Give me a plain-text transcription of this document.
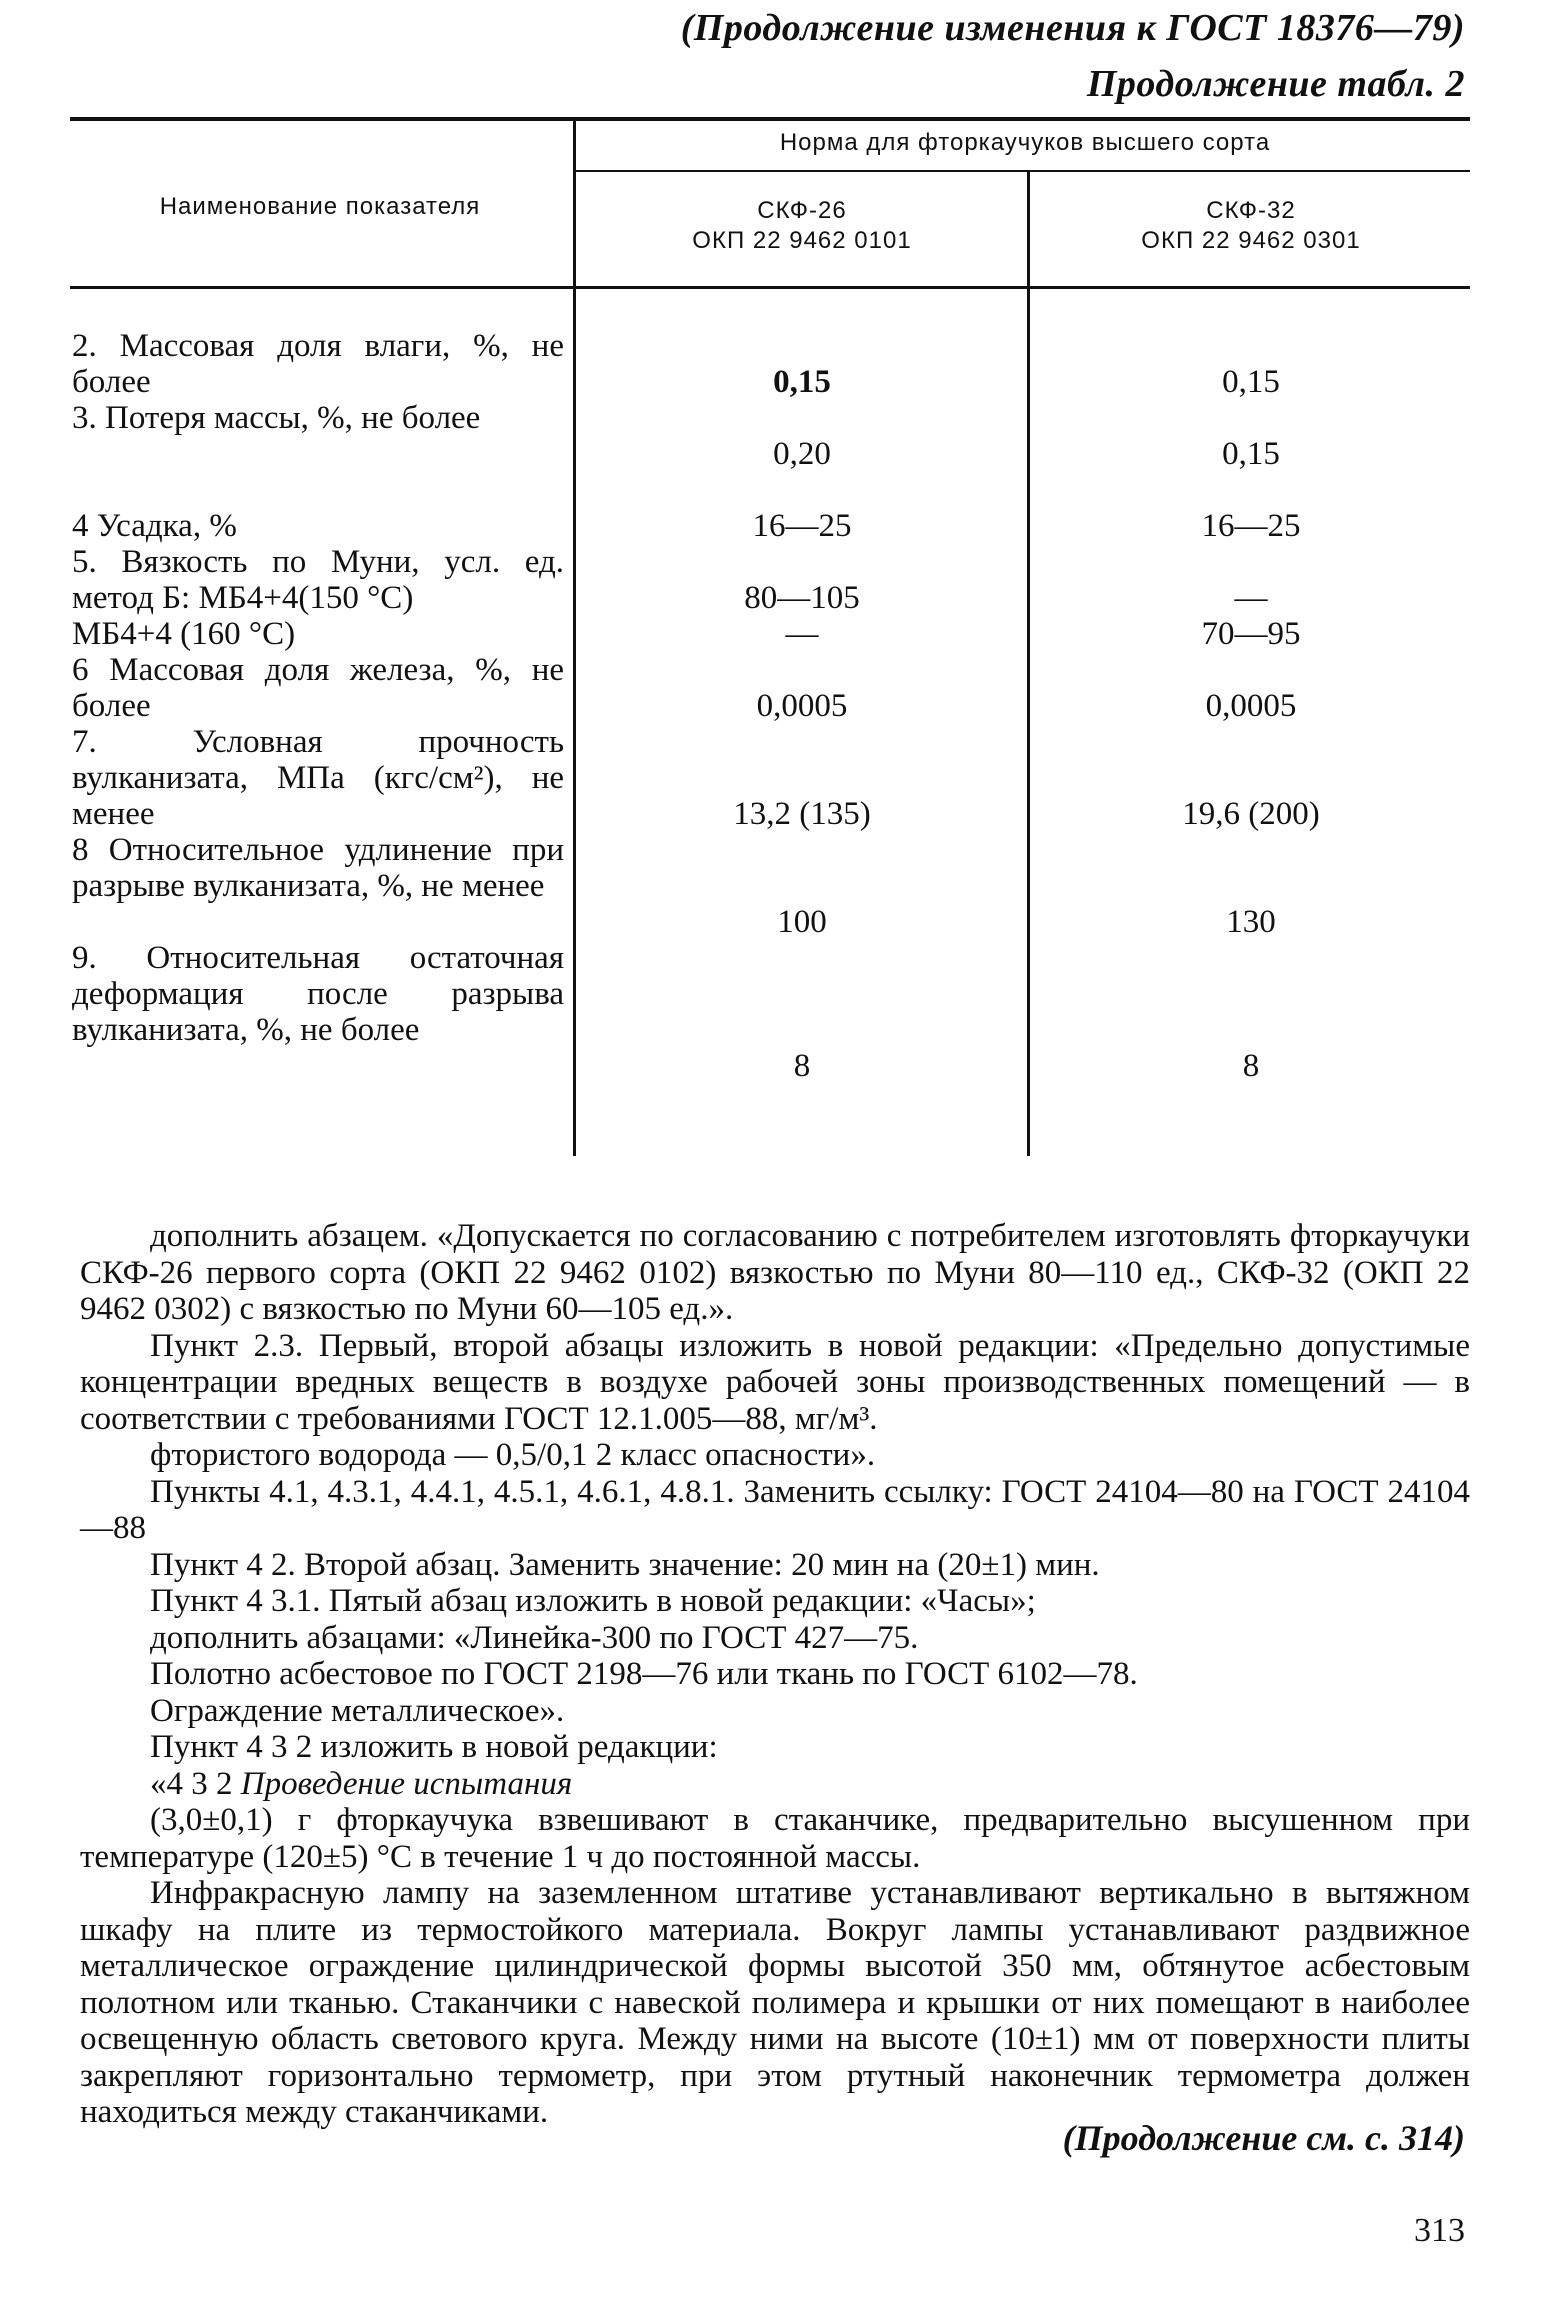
(Продолжение изменения к ГОСТ 18376—79)
Продолжение табл. 2
Наименование показателя
Норма для фторкаучуков высшего сорта
СКФ-26
ОКП 22 9462 0101
СКФ-32
ОКП 22 9462 0301
2. Массовая доля влаги, %, не более
3. Потеря массы, %, не более
4 Усадка, %
5. Вязкость по Муни, усл. ед. метод Б: МБ4+4(150 °С)
МБ4+4 (160 °С)
6 Массовая доля железа, %, не более
7. Условная прочность вулканизата, МПа (кгс/см²), не менее
8 Относительное удлинение при разрыве вулканизата, %, не менее
9. Относительная остаточная деформация после разрыва вулканизата, %, не более
0,15
0,20
16—25
80—105
—
0,0005
13,2 (135)
100
8
0,15
0,15
16—25
—
70—95
0,0005
19,6 (200)
130
8

дополнить абзацем. «Допускается по согласованию с потребителем изготовлять фторкаучуки СКФ-26 первого сорта (ОКП 22 9462 0102) вязкостью по Муни 80—110 ед., СКФ-32 (ОКП 22 9462 0302) с вязкостью по Муни 60—105 ед.».

Пункт 2.3. Первый, второй абзацы изложить в новой редакции: «Предельно допустимые концентрации вредных веществ в воздухе рабочей зоны производственных помещений — в соответствии с требованиями ГОСТ 12.1.005—88, мг/м³.

фтористого водорода — 0,5/0,1 2 класс опасности».

Пункты 4.1, 4.3.1, 4.4.1, 4.5.1, 4.6.1, 4.8.1. Заменить ссылку: ГОСТ 24104—80 на ГОСТ 24104—88

Пункт 4 2. Второй абзац. Заменить значение: 20 мин на (20±1) мин.

Пункт 4 3.1. Пятый абзац изложить в новой редакции: «Часы»;

дополнить абзацами: «Линейка-300 по ГОСТ 427—75.

Полотно асбестовое по ГОСТ 2198—76 или ткань по ГОСТ 6102—78.

Ограждение металлическое».

Пункт 4 3 2 изложить в новой редакции:

«4 3 2 Проведение испытания

(3,0±0,1) г фторкаучука взвешивают в стаканчике, предварительно высушенном при температуре (120±5) °С в течение 1 ч до постоянной массы.

Инфракрасную лампу на заземленном штативе устанавливают вертикально в вытяжном шкафу на плите из термостойкого материала. Вокруг лампы устанавливают раздвижное металлическое ограждение цилиндрической формы высотой 350 мм, обтянутое асбестовым полотном или тканью. Стаканчики с навеской полимера и крышки от них помещают в наиболее освещенную область светового круга. Между ними на высоте (10±1) мм от поверхности плиты закрепляют горизонтально термометр, при этом ртутный наконечник термометра должен находиться между стаканчиками.

(Продолжение см. с. 314)
313
